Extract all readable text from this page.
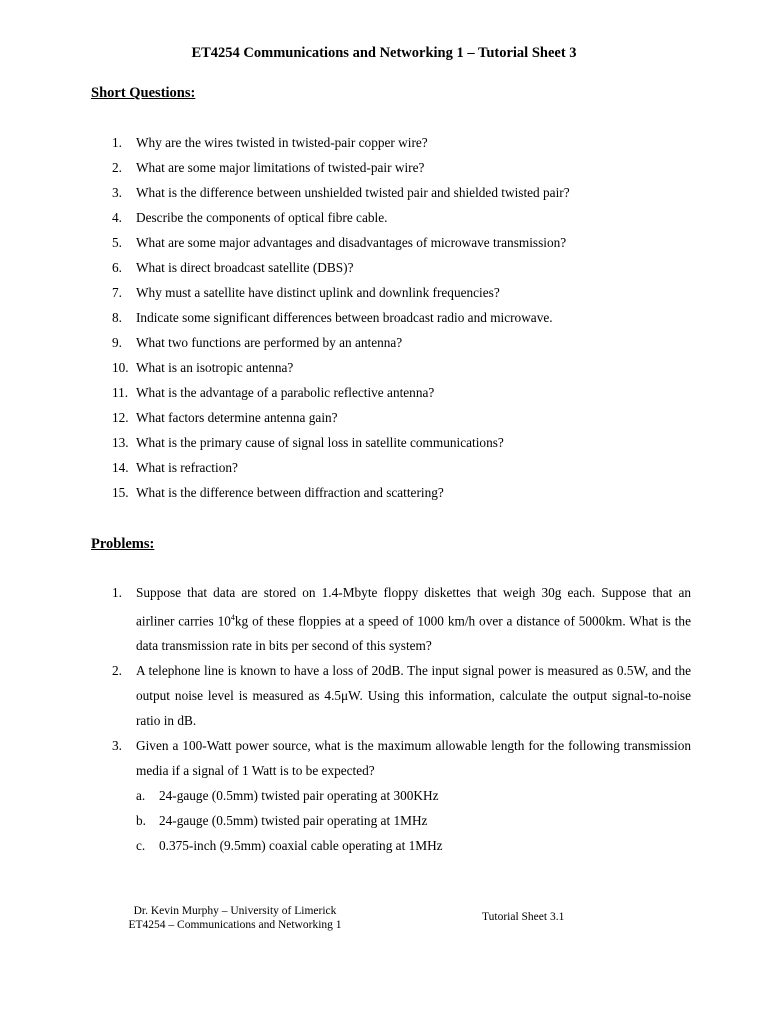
ET4254 Communications and Networking 1 – Tutorial Sheet 3
Short Questions:
1.	Why are the wires twisted in twisted-pair copper wire?
2.	What are some major limitations of twisted-pair wire?
3.	What is the difference between unshielded twisted pair and shielded twisted pair?
4.	Describe the components of optical fibre cable.
5.	What are some major advantages and disadvantages of microwave transmission?
6.	What is direct broadcast satellite (DBS)?
7.	Why must a satellite have distinct uplink and downlink frequencies?
8.	Indicate some significant differences between broadcast radio and microwave.
9.	What two functions are performed by an antenna?
10. What is an isotropic antenna?
11. What is the advantage of a parabolic reflective antenna?
12. What factors determine antenna gain?
13. What is the primary cause of signal loss in satellite communications?
14. What is refraction?
15. What is the difference between diffraction and scattering?
Problems:
1.	Suppose that data are stored on 1.4-Mbyte floppy diskettes that weigh 30g each. Suppose that an airliner carries $10^4kg$ of these floppies at a speed of 1000 km/h over a distance of 5000km. What is the data transmission rate in bits per second of this system?
2.	A telephone line is known to have a loss of 20dB. The input signal power is measured as 0.5W, and the output noise level is measured as 4.5μW. Using this information, calculate the output signal-to-noise ratio in dB.
3.	Given a 100-Watt power source, what is the maximum allowable length for the following transmission media if a signal of 1 Watt is to be expected?
a.	24-gauge (0.5mm) twisted pair operating at 300KHz
b. 24-gauge (0.5mm) twisted pair operating at 1MHz
c.	0.375-inch (9.5mm) coaxial cable operating at 1MHz
Dr. Kevin Murphy – University of Limerick
ET4254 – Communications and Networking 1
Tutorial Sheet 3.1
